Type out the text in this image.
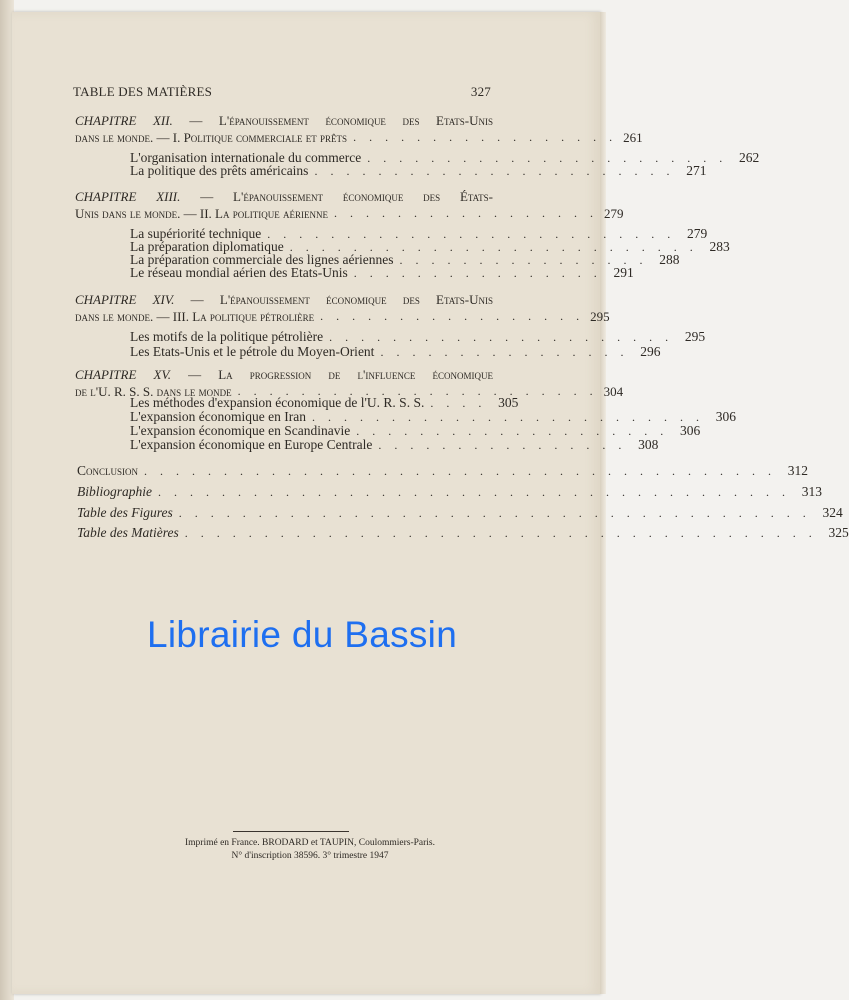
TABLE DES MATIÈRES	327
CHAPITRE XII. — L'épanouissement économique des Etats-Unis
dans le monde. — I. Politique commerciale et prêts . . . . . . . . . . . . . . . . . 261
L'organisation internationale du commerce . . . . . . . . . . . . . . . . . . . . . . . 262
La politique des prêts américains . . . . . . . . . . . . . . . . . . . . . . . 271
CHAPITRE XIII. — L'épanouissement économique des États-
Unis dans le monde. — II. La politique aérienne . . . . . . . . . . . . . . . . . 279
La supériorité technique . . . . . . . . . . . . . . . . . . . . . . . . . . 279
La préparation diplomatique . . . . . . . . . . . . . . . . . . . . . . . . . . 283
La préparation commerciale des lignes aériennes . . . . . . . . . . . . . . . . 288
Le réseau mondial aérien des Etats-Unis . . . . . . . . . . . . . . . . 291
CHAPITRE XIV. — L'épanouissement économique des Etats-Unis
dans le monde. — III. La politique pétrolière . . . . . . . . . . . . . . . . . 295
Les motifs de la politique pétrolière . . . . . . . . . . . . . . . . . . . . . . 295
Les Etats-Unis et le pétrole du Moyen-Orient . . . . . . . . . . . . . . . . 296
CHAPITRE XV. — La progression de l'influence économique
de l'U. R. S. S. dans le monde . . . . . . . . . . . . . . . . . . . . . . . 304
Les méthodes d'expansion économique de l'U. R. S. S. . . . . 305
L'expansion économique en Iran . . . . . . . . . . . . . . . . . . . . . . . . . 306
L'expansion économique en Scandinavie . . . . . . . . . . . . . . . . . . . . 306
L'expansion économique en Europe Centrale . . . . . . . . . . . . . . . . 308
Conclusion . . . . . . . . . . . . . . . . . . . . . . . . . . . . . . . . . . . . . . . . 312
Bibliographie . . . . . . . . . . . . . . . . . . . . . . . . . . . . . . . . . . . . . . . . 313
Table des Figures . . . . . . . . . . . . . . . . . . . . . . . . . . . . . . . . . . . . . . . . 324
Table des Matières . . . . . . . . . . . . . . . . . . . . . . . . . . . . . . . . . . . . . . . . 325
Librairie du Bassin
Imprimé en France. BRODARD et TAUPIN, Coulommiers-Paris.
N° d'inscription 38596. 3° trimestre 1947
